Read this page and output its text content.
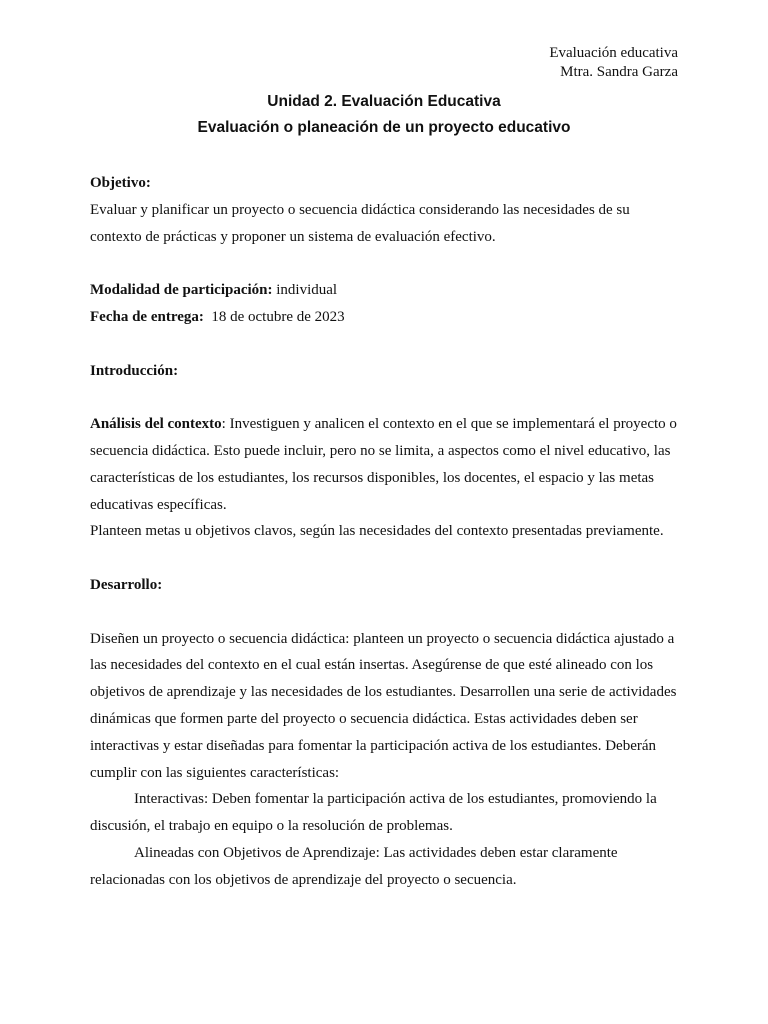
Evaluación educativa
Mtra. Sandra Garza
Unidad 2. Evaluación Educativa
Evaluación o planeación de un proyecto educativo

Objetivo:

Evaluar y planificar un proyecto o secuencia didáctica considerando las necesidades de su contexto de prácticas y proponer un sistema de evaluación efectivo.

Modalidad de participación: individual

Fecha de entrega:  18 de octubre de 2023

Introducción:

Análisis del contexto: Investiguen y analicen el contexto en el que se implementará el proyecto o secuencia didáctica. Esto puede incluir, pero no se limita, a aspectos como el nivel educativo, las características de los estudiantes, los recursos disponibles, los docentes, el espacio y las metas educativas específicas.

Planteen metas u objetivos clavos, según las necesidades del contexto presentadas previamente.

Desarrollo:

Diseñen un proyecto o secuencia didáctica: planteen un proyecto o secuencia didáctica ajustado a las necesidades del contexto en el cual están insertas. Asegúrense de que esté alineado con los objetivos de aprendizaje y las necesidades de los estudiantes. Desarrollen una serie de actividades dinámicas que formen parte del proyecto o secuencia didáctica. Estas actividades deben ser interactivas y estar diseñadas para fomentar la participación activa de los estudiantes. Deberán cumplir con las siguientes características:

Interactivas: Deben fomentar la participación activa de los estudiantes, promoviendo la discusión, el trabajo en equipo o la resolución de problemas.

Alineadas con Objetivos de Aprendizaje: Las actividades deben estar claramente relacionadas con los objetivos de aprendizaje del proyecto o secuencia.
